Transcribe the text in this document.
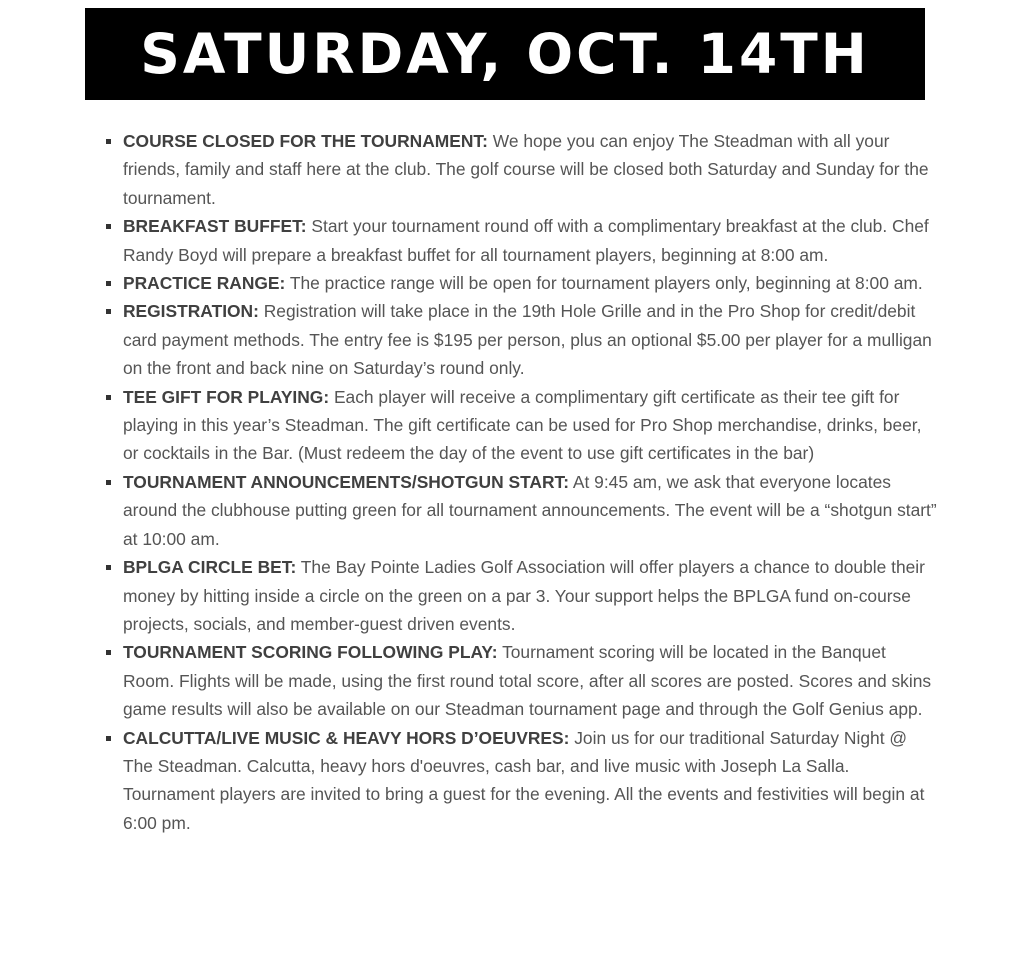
SATURDAY, OCT. 14TH
COURSE CLOSED FOR THE TOURNAMENT: We hope you can enjoy The Steadman with all your friends, family and staff here at the club. The golf course will be closed both Saturday and Sunday for the tournament.
BREAKFAST BUFFET: Start your tournament round off with a complimentary breakfast at the club. Chef Randy Boyd will prepare a breakfast buffet for all tournament players, beginning at 8:00 am.
PRACTICE RANGE: The practice range will be open for tournament players only, beginning at 8:00 am.
REGISTRATION: Registration will take place in the 19th Hole Grille and in the Pro Shop for credit/debit card payment methods. The entry fee is $195 per person, plus an optional $5.00 per player for a mulligan on the front and back nine on Saturday’s round only.
TEE GIFT FOR PLAYING: Each player will receive a complimentary gift certificate as their tee gift for playing in this year’s Steadman. The gift certificate can be used for Pro Shop merchandise, drinks, beer, or cocktails in the Bar. (Must redeem the day of the event to use gift certificates in the bar)
TOURNAMENT ANNOUNCEMENTS/SHOTGUN START: At 9:45 am, we ask that everyone locates around the clubhouse putting green for all tournament announcements. The event will be a “shotgun start” at 10:00 am.
BPLGA CIRCLE BET: The Bay Pointe Ladies Golf Association will offer players a chance to double their money by hitting inside a circle on the green on a par 3. Your support helps the BPLGA fund on-course projects, socials, and member-guest driven events.
TOURNAMENT SCORING FOLLOWING PLAY: Tournament scoring will be located in the Banquet Room. Flights will be made, using the first round total score, after all scores are posted. Scores and skins game results will also be available on our Steadman tournament page and through the Golf Genius app.
CALCUTTA/LIVE MUSIC & HEAVY HORS D’OEUVRES: Join us for our traditional Saturday Night @ The Steadman. Calcutta, heavy hors d'oeuvres, cash bar, and live music with Joseph La Salla. Tournament players are invited to bring a guest for the evening. All the events and festivities will begin at 6:00 pm.
